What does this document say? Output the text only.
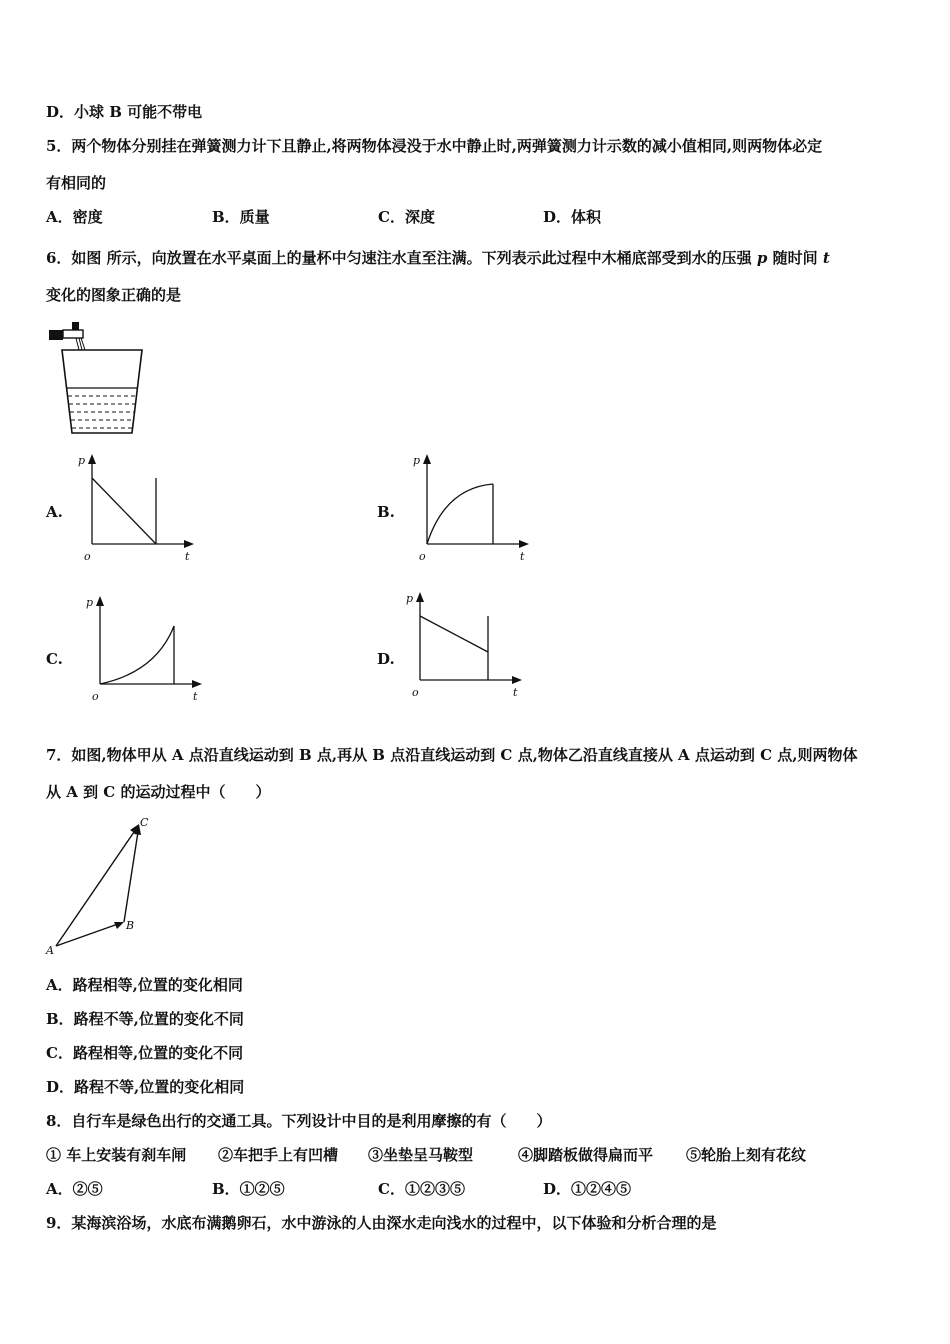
D．小球 B 可能不带电
5．两个物体分别挂在弹簧测力计下且静止,将两物体浸没于水中静止时,两弹簧测力计示数的减小值相同,则两物体必定
有相同的
A．密度	B．质量	C．深度	D．体积
6．如图 所示，向放置在水平桌面上的量杯中匀速注水直至注满。下列表示此过程中木桶底部受到水的压强 p 随时间 t
变化的图象正确的是
A.
p
o	t
B.
p
o	t
C.
p
o	t
D.
p
o	t
7．如图,物体甲从 A 点沿直线运动到 B 点,再从 B 点沿直线运动到 C 点,物体乙沿直线直接从 A 点运动到 C 点,则两物体
从 A 到 C 的运动过程中（　　）
A
B
C
A．路程相等,位置的变化相同
B．路程不等,位置的变化不同
C．路程相等,位置的变化不同
D．路程不等,位置的变化相同
8．自行车是绿色出行的交通工具。下列设计中目的是利用摩擦的有（　　）
① 车上安装有刹车闸 ②车把手上有凹槽 ③坐垫呈马鞍型	④脚踏板做得扁而平 ⑤轮胎上刻有花纹
A．②⑤	B．①②⑤	C．①②③⑤	D．①②④⑤
9．某海滨浴场，水底布满鹅卵石，水中游泳的人由深水走向浅水的过程中，以下体验和分析合理的是
